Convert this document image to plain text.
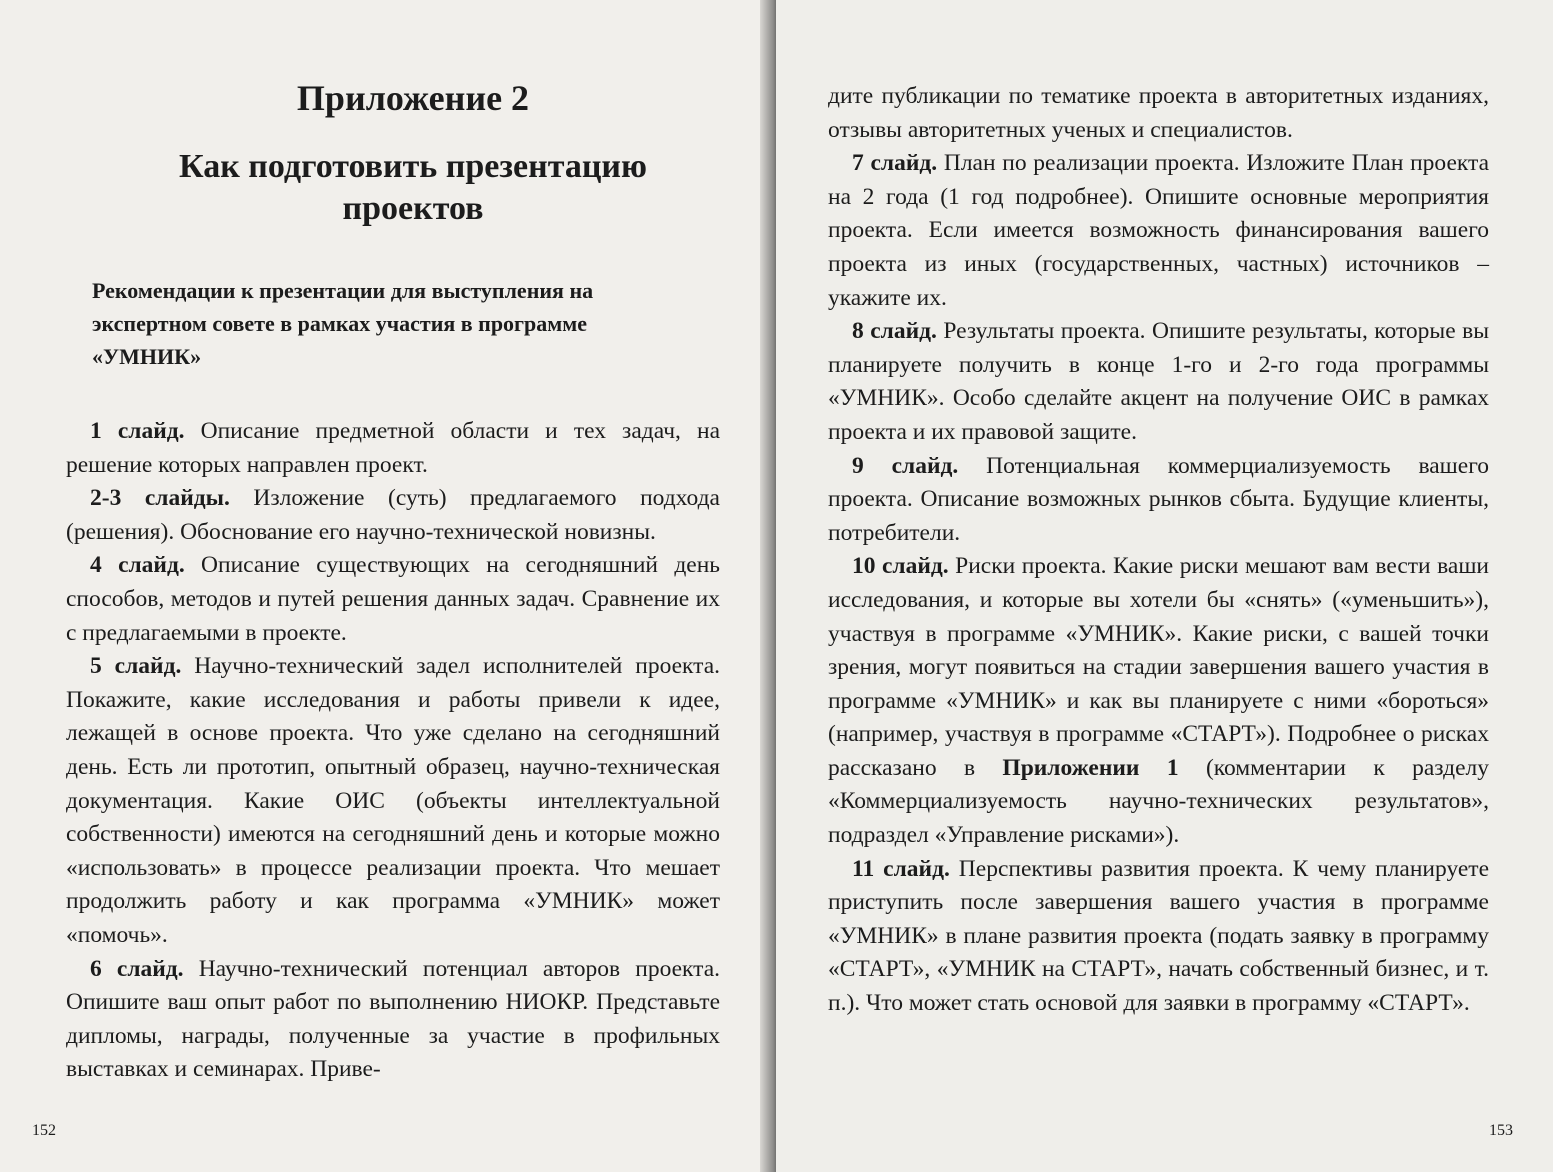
Приложение 2
Как подготовить презентацию проектов
Рекомендации к презентации для выступления на экспертном совете в рамках участия в программе «УМНИК»

1 слайд. Описание предметной области и тех задач, на решение которых направлен проект.

2-3 слайды. Изложение (суть) предлагаемого подхода (решения). Обоснование его научно-технической новизны.

4 слайд. Описание существующих на сегодняшний день способов, методов и путей решения данных задач. Сравнение их с предлагаемыми в проекте.

5 слайд. Научно-технический задел исполнителей проекта. Покажите, какие исследования и работы привели к идее, лежащей в основе проекта. Что уже сделано на сегодняшний день. Есть ли прототип, опытный образец, научно-техническая документация. Какие ОИС (объекты интеллектуальной собственности) имеются на сегодняшний день и которые можно «использовать» в процессе реализации проекта. Что мешает продолжить работу и как программа «УМНИК» может «помочь».

6 слайд. Научно-технический потенциал авторов проекта. Опишите ваш опыт работ по выполнению НИОКР. Представьте дипломы, награды, полученные за участие в профильных выставках и семинарах. Приве-

152

дите публикации по тематике проекта в авторитетных изданиях, отзывы авторитетных ученых и специалистов.

7 слайд. План по реализации проекта. Изложите План проекта на 2 года (1 год подробнее). Опишите основные мероприятия проекта. Если имеется возможность финансирования вашего проекта из иных (государственных, частных) источников – укажите их.

8 слайд. Результаты проекта. Опишите результаты, которые вы планируете получить в конце 1-го и 2-го года программы «УМНИК». Особо сделайте акцент на получение ОИС в рамках проекта и их правовой защите.

9 слайд. Потенциальная коммерциализуемость вашего проекта. Описание возможных рынков сбыта. Будущие клиенты, потребители.

10 слайд. Риски проекта. Какие риски мешают вам вести ваши исследования, и которые вы хотели бы «снять» («уменьшить»), участвуя в программе «УМНИК». Какие риски, с вашей точки зрения, могут появиться на стадии завершения вашего участия в программе «УМНИК» и как вы планируете с ними «бороться» (например, участвуя в программе «СТАРТ»). Подробнее о рисках рассказано в Приложении 1 (комментарии к разделу «Коммерциализуемость научно-технических результатов», подраздел «Управление рисками»).

11 слайд. Перспективы развития проекта. К чему планируете приступить после завершения вашего участия в программе «УМНИК» в плане развития проекта (подать заявку в программу «СТАРТ», «УМНИК на СТАРТ», начать собственный бизнес, и т. п.). Что может стать основой для заявки в программу «СТАРТ».

153
